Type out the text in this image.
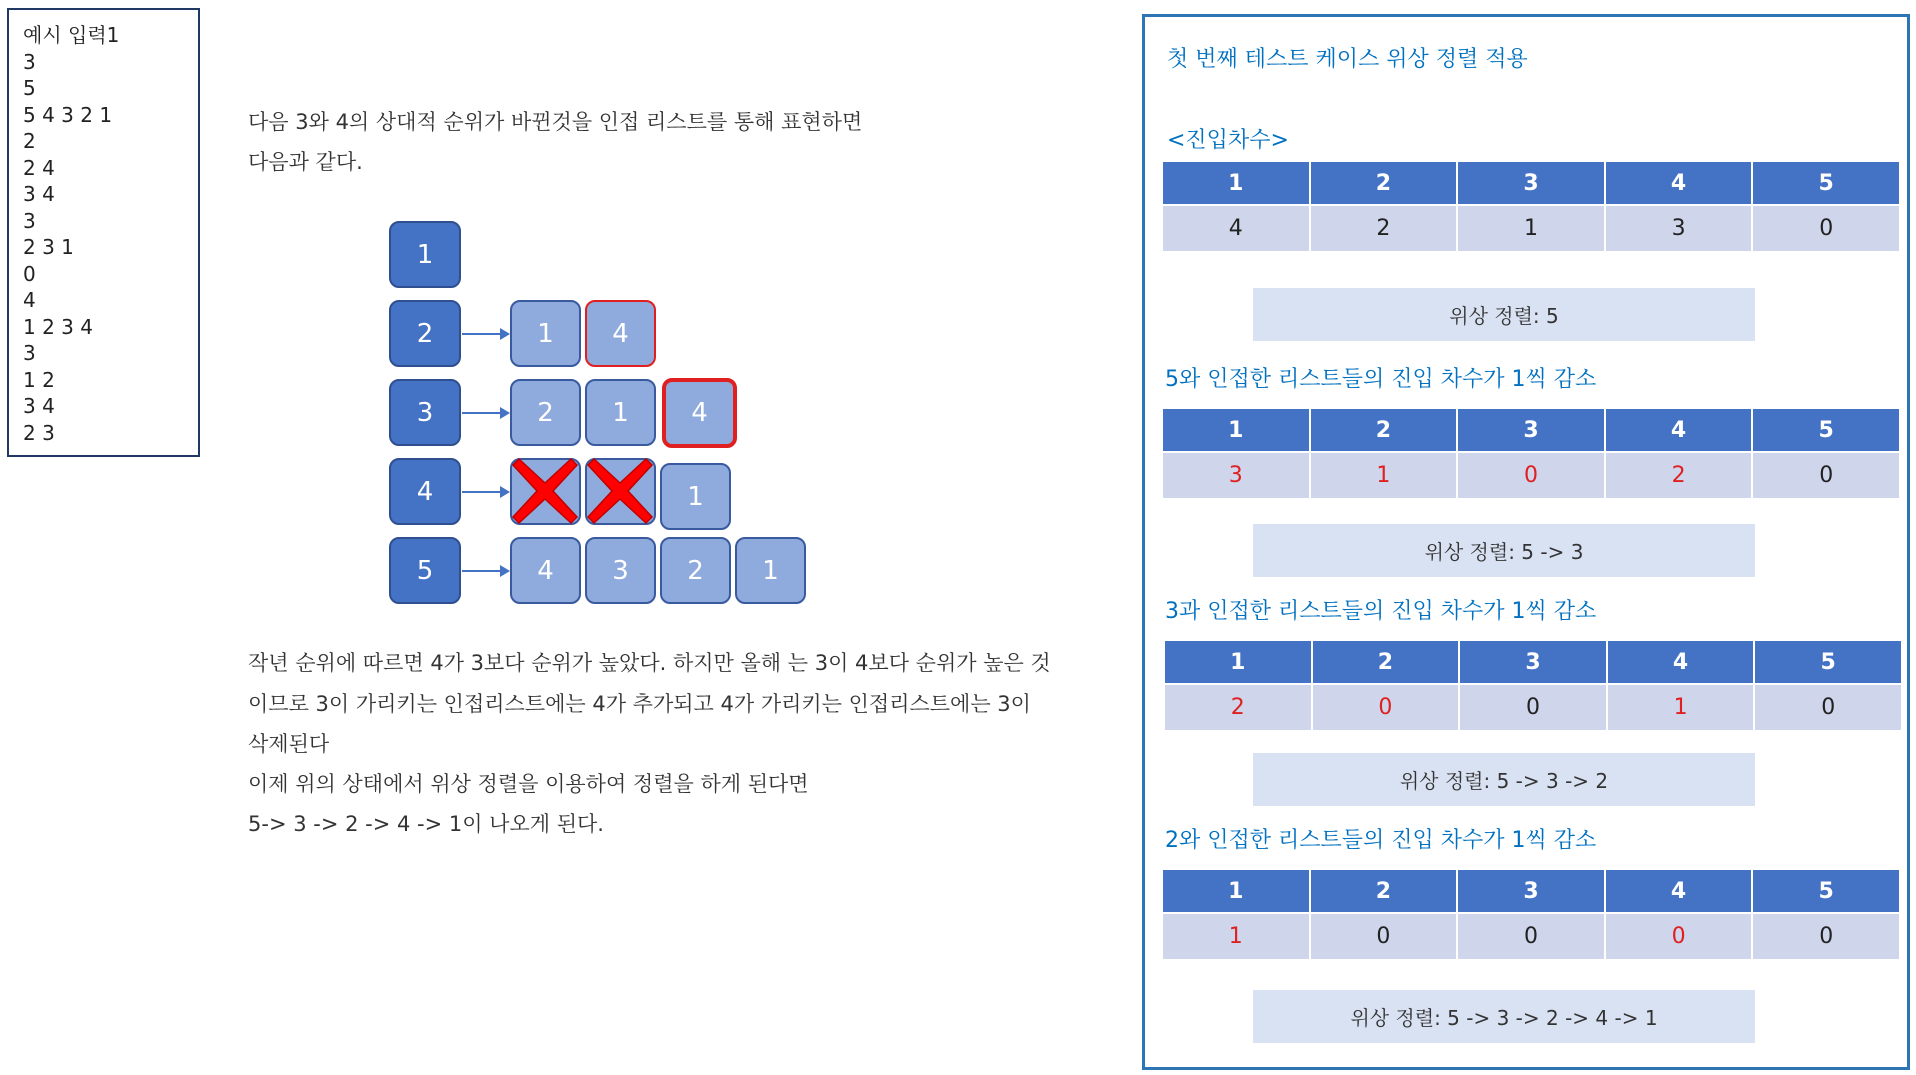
예시 입력1
3
5
5 4 3 2 1
2
2 4
3 4
3
2 3 1
0
4
1 2 3 4
3
1 2
3 4
2 3
다음 3와 4의 상대적 순위가 바뀐것을 인접 리스트를 통해 표현하면
다음과 같다.
1
2	1	4
3	2	1	4
4	1
5	4	3	2	1
작년 순위에 따르면 4가 3보다 순위가 높았다. 하지만 올해 는 3이 4보다 순위가 높은 것
이므로 3이 가리키는 인접리스트에는 4가 추가되고 4가 가리키는 인접리스트에는 3이
삭제된다
이제 위의 상태에서 위상 정렬을 이용하여 정렬을 하게 된다면
5-> 3 -> 2 -> 4 -> 1이 나오게 된다.
첫 번째 테스트 케이스 위상 정렬 적용
<진입차수>
1	2	3	4	5
4	2	1	3	0
위상 정렬: 5
5와 인접한 리스트들의 진입 차수가 1씩 감소
1	2	3	4	5
3	1	0	2	0
위상 정렬: 5 -> 3
3과 인접한 리스트들의 진입 차수가 1씩 감소
1	2	3	4	5
2	0	0	1	0
위상 정렬: 5 -> 3 -> 2
2와 인접한 리스트들의 진입 차수가 1씩 감소
1	2	3	4	5
1	0	0	0	0
위상 정렬: 5 -> 3 -> 2 -> 4 -> 1
